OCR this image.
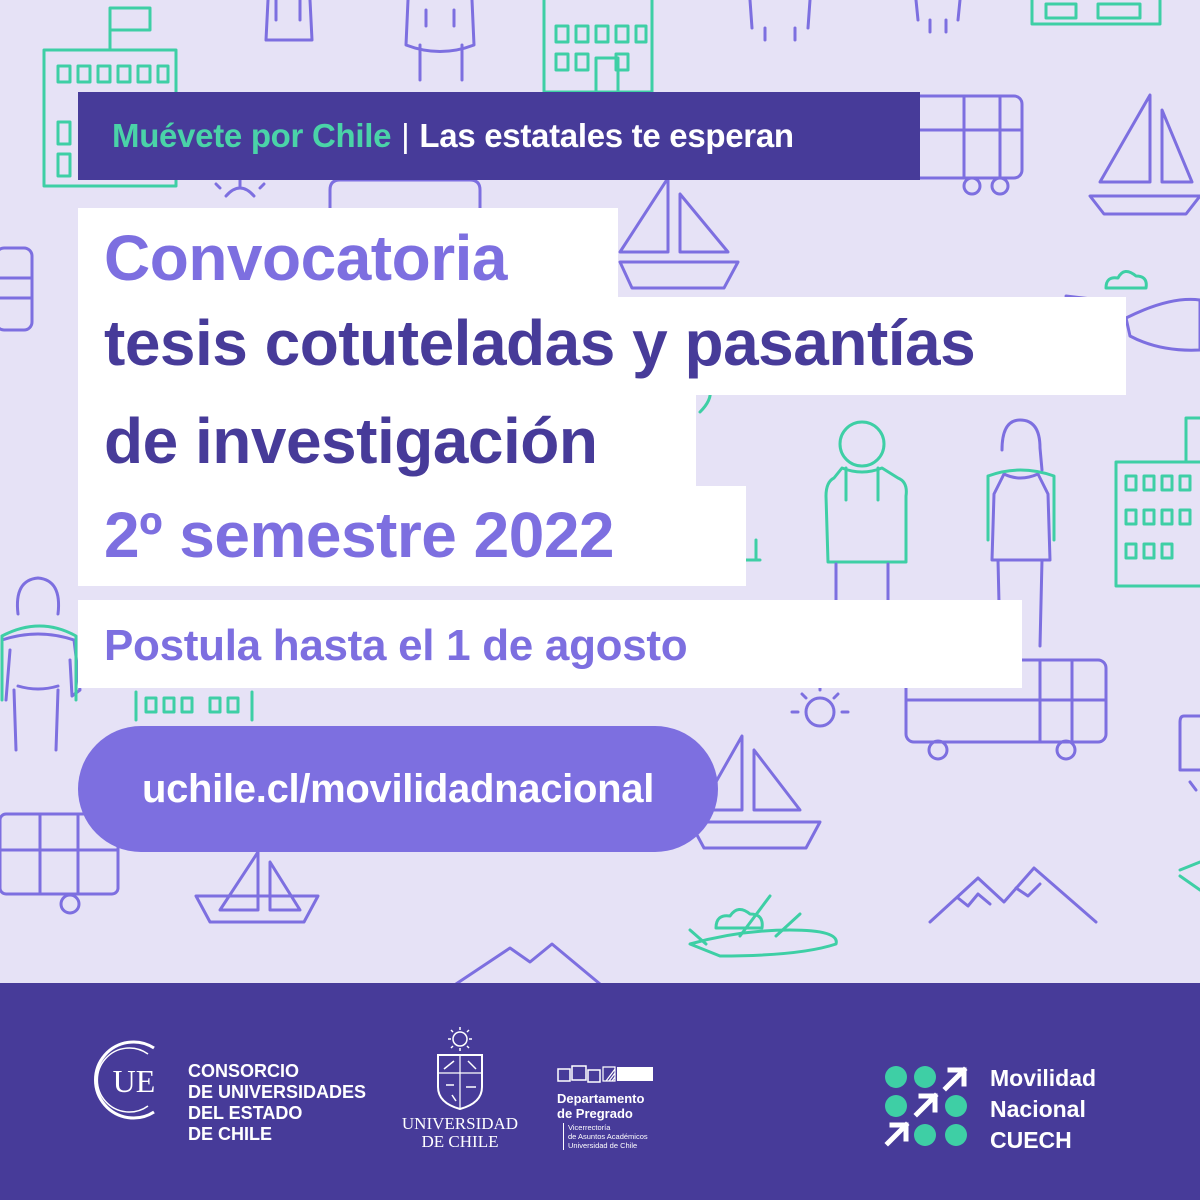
Muévete por Chile | Las estatales te esperan
Convocatoria
tesis cotuteladas y pasantías
de investigación
2º semestre 2022
Postula hasta el 1 de agosto
uchile.cl/movilidadnacional
UE CONSORCIO
DE UNIVERSIDADES
DEL ESTADO
DE CHILE
UNIVERSIDAD
DE CHILE
Departamento
de Pregrado
Vicerrectoría
de Asuntos Académicos
Universidad de Chile
Movilidad
Nacional
CUECH
